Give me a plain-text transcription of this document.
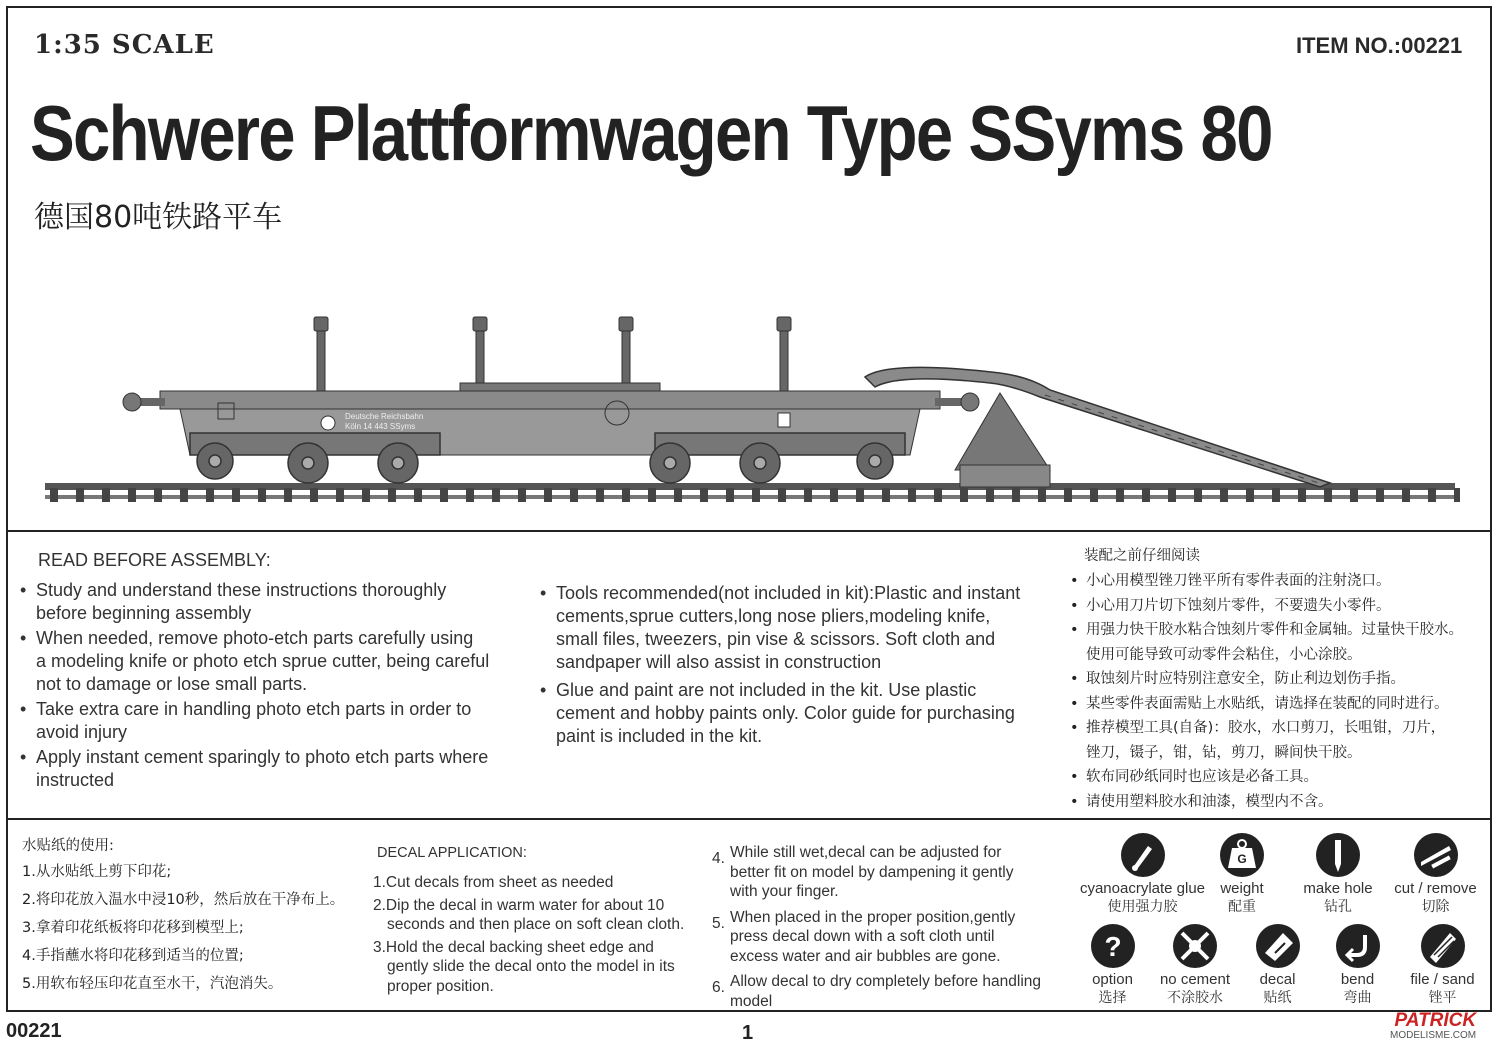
1:35 SCALE	ITEM NO.:00221
Schwere Plattformwagen Type SSyms 80
德国80吨铁路平车
Deutsche Reichsbahn
Köln 14 443 SSyms
READ BEFORE ASSEMBLY:
• Study and understand these instructions thoroughly
before beginning assembly
• When needed, remove photo-etch parts carefully using
a modeling knife or photo etch sprue cutter, being careful
not to damage or lose small parts.
• Take extra care in handling photo etch parts in order to
avoid injury
• Apply instant cement sparingly to photo etch parts where
instructed
• Tools recommended(not included in kit):Plastic and instant
cements,sprue cutters,long nose pliers,modeling knife,
small files, tweezers, pin vise & scissors. Soft cloth and
sandpaper will also assist in construction
• Glue and paint are not included in the kit. Use plastic
cement and hobby paints only. Color guide for purchasing
paint is included in the kit.
装配之前仔细阅读
• 小心用模型锉刀锉平所有零件表面的注射浇口。
• 小心用刀片切下蚀刻片零件，不要遗失小零件。
• 用强力快干胶水粘合蚀刻片零件和金属轴。过量快干胶水。
使用可能导致可动零件会粘住，小心涂胶。
• 取蚀刻片时应特别注意安全，防止利边划伤手指。
• 某些零件表面需贴上水贴纸，请选择在装配的同时进行。
• 推荐模型工具(自备)：胶水，水口剪刀，长咀钳，刀片，
锉刀，镊子，钳，钻，剪刀，瞬间快干胶。
• 软布同砂纸同时也应该是必备工具。
• 请使用塑料胶水和油漆，模型内不含。
水贴纸的使用:
1.从水贴纸上剪下印花;
2.将印花放入温水中浸10秒，然后放在干净布上。
3.拿着印花纸板将印花移到模型上;
4.手指蘸水将印花移到适当的位置;
5.用软布轻压印花直至水干，汽泡消失。
DECAL APPLICATION:
1.Cut decals from sheet as needed
2.Dip the decal in warm water for about 10
seconds and then place on soft clean cloth.
3.Hold the decal backing sheet edge and
gently slide the decal onto the model in its
proper position.
4. While still wet,decal can be adjusted for
better fit on model by dampening it gently
with your finger.
5. When placed in the proper position,gently
press decal down with a soft cloth until
excess water and air bubbles are gone.
6. Allow decal to dry completely before handling
model
cyanoacrylate glue
使用强力胶
G
weight
配重
make hole
钻孔
cut / remove
切除
?
option
选择
no cement
不涂胶水
decal
贴纸
bend
弯曲
file / sand
锉平
00221	1
PATRICK
MODELISME.COM
